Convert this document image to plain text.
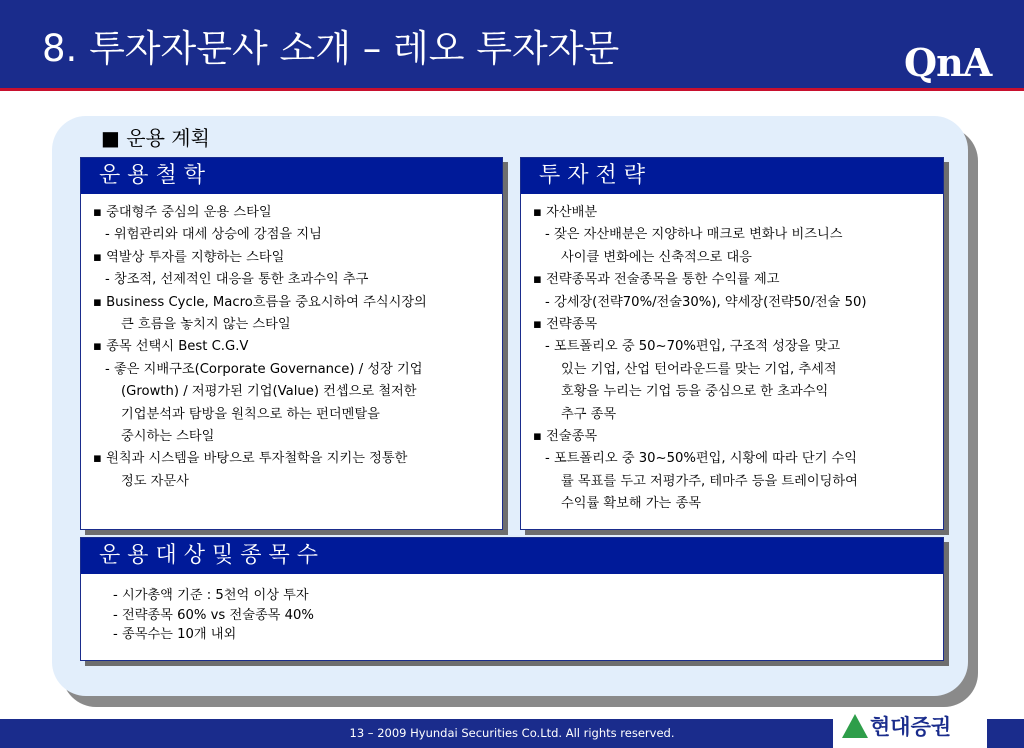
8. 투자자문사 소개 – 레오 투자자문	QnA
■ 운용 계획
운 용 철 학
▪ 중대형주 중심의 운용 스타일
- 위험관리와 대세 상승에 강점을 지님
▪ 역발상 투자를 지향하는 스타일
- 창조적, 선제적인 대응을 통한 초과수익 추구
▪ Business Cycle, Macro흐름을 중요시하여 주식시장의
큰 흐름을 놓치지 않는 스타일
▪ 종목 선택시 Best C.G.V
- 좋은 지배구조(Corporate Governance) / 성장 기업
(Growth) / 저평가된 기업(Value) 컨셉으로 철저한
기업분석과 탐방을 원칙으로 하는 펀더멘탈을
중시하는 스타일
▪ 원칙과 시스템을 바탕으로 투자철학을 지키는 정통한
정도 자문사
투 자 전 략
▪ 자산배분
- 잦은 자산배분은 지양하나 매크로 변화나 비즈니스
사이클 변화에는 신축적으로 대응
▪ 전략종목과 전술종목을 통한 수익률 제고
- 강세장(전략70%/전술30%), 약세장(전략50/전술 50)
▪ 전략종목
- 포트폴리오 중 50~70%편입, 구조적 성장을 맞고
있는 기업, 산업 턴어라운드를 맞는 기업, 추세적
호황을 누리는 기업 등을 중심으로 한 초과수익
추구 종목
▪ 전술종목
- 포트폴리오 중 30~50%편입, 시황에 따라 단기 수익
률 목표를 두고 저평가주, 테마주 등을 트레이딩하여
수익률 확보해 가는 종목
운 용 대 상 및 종 목 수
- 시가총액 기준 : 5천억 이상 투자
- 전략종목 60% vs 전술종목 40%
- 종목수는 10개 내외
13 – 2009 Hyundai Securities Co.Ltd. All rights reserved.	현대증권
